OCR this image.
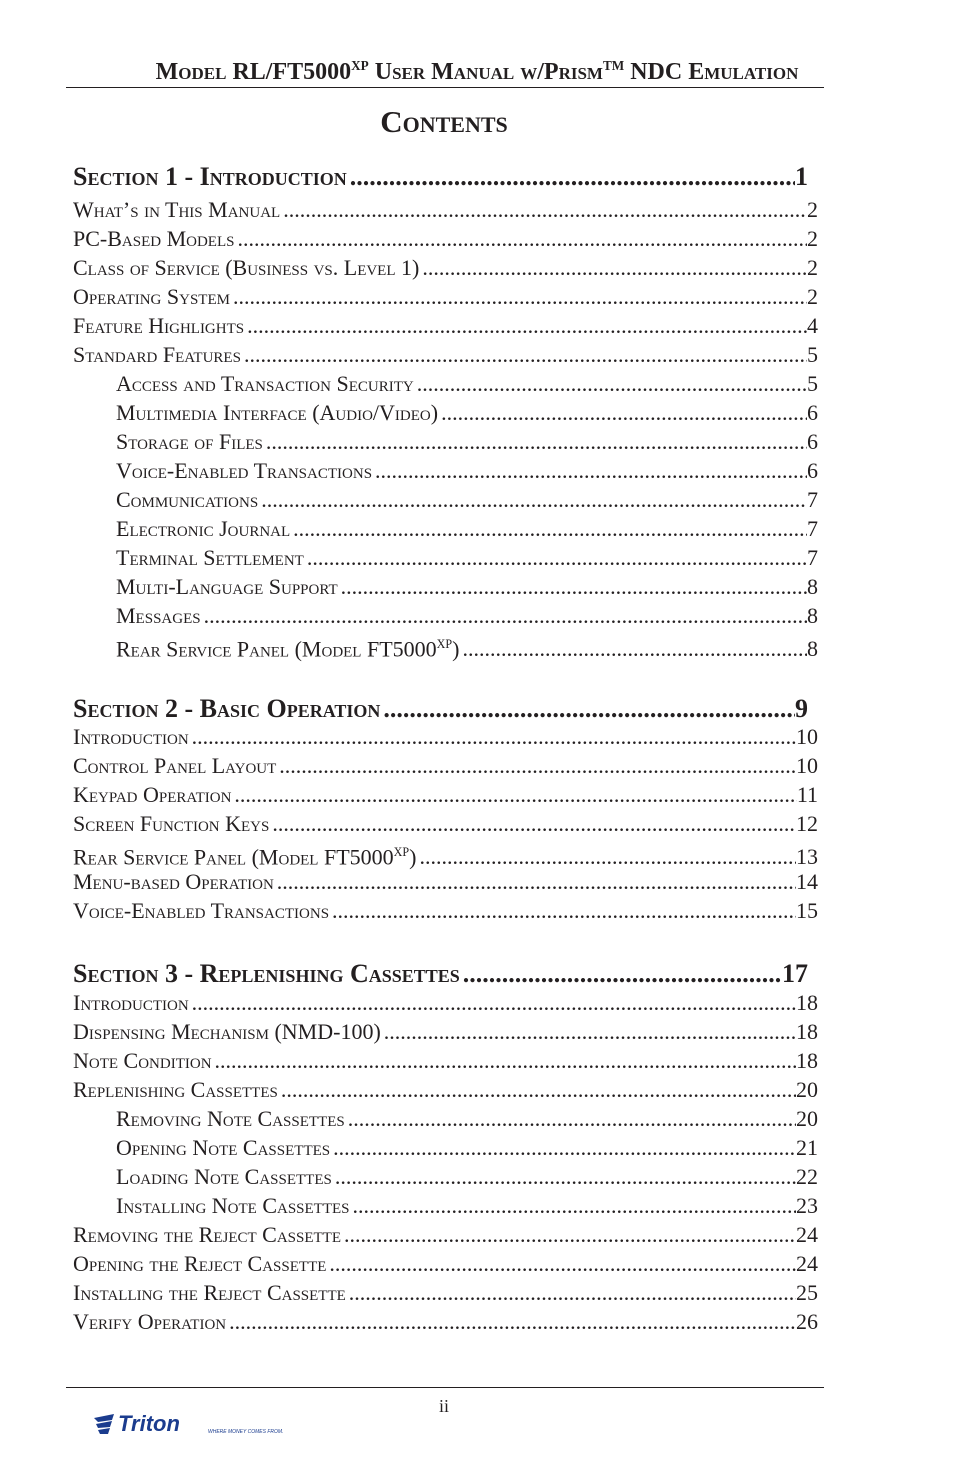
Model $RL/FT5000^{XP}$ User Manual w/Prism™ NDC Emulation
Contents
Section 1 - Introduction .....	1
What’s in This Manual .....	2
PC-Based Models .....	2
Class of Service (Business vs. Level 1) .....	2
Operating System .....	2
Feature Highlights .....	4
Standard Features .....	5
Access and Transaction Security .....	5
Multimedia Interface (Audio/Video) .....	6
Storage of Files .....	6
Voice-Enabled Transactions .....	6
Communications .....	7
Electronic Journal .....	7
Terminal Settlement .....	7
Multi-Language Support .....	8
Messages .....	8
Rear Service Panel (Model $FT5000^{XP}$) .....	8
Section 2 - Basic Operation .....	9
Introduction .....	10
Control Panel Layout .....	10
Keypad Operation .....	11
Screen Function Keys .....	12
Rear Service Panel (Model $FT5000^{XP}$) .....	13
Menu-based Operation .....	14
Voice-Enabled Transactions .....	15
Section 3 - Replenishing Cassettes .....	17
Introduction .....	18
Dispensing Mechanism (NMD-100) .....	18
Note Condition .....	18
Replenishing Cassettes .....	20
Removing Note Cassettes .....	20
Opening Note Cassettes .....	21
Loading Note Cassettes .....	22
Installing Note Cassettes .....	23
Removing the Reject Cassette .....	24
Opening the Reject Cassette .....	24
Installing the Reject Cassette .....	25
Verify Operation .....	26
ii
Triton	WHERE MONEY COMES FROM.
